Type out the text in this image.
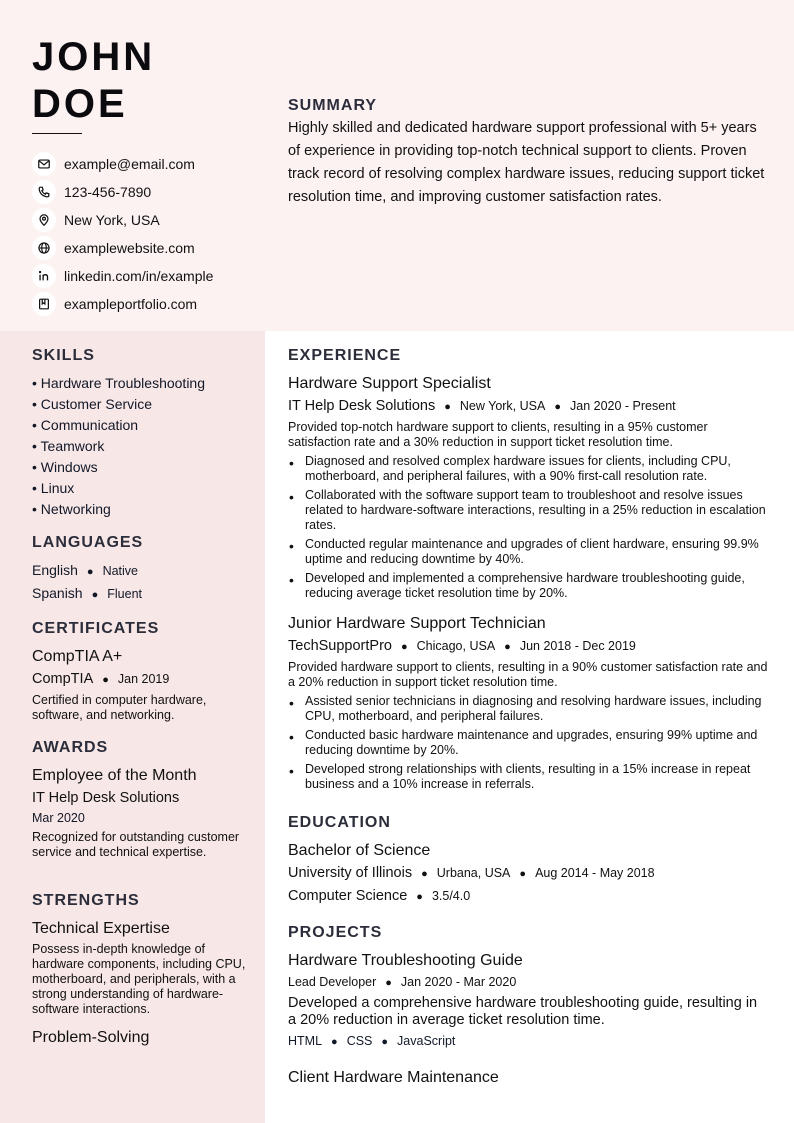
JOHN
DOE
example@email.com
123-456-7890
New York, USA
examplewebsite.com
linkedin.com/in/example
exampleportfolio.com
SUMMARY

Highly skilled and dedicated hardware support professional with 5+ years of experience in providing top-notch technical support to clients. Proven track record of resolving complex hardware issues, reducing support ticket resolution time, and improving customer satisfaction rates.

SKILLS
• Hardware Troubleshooting
• Customer Service
• Communication
• Teamwork
• Windows
• Linux
• Networking
LANGUAGES
English ● Native
Spanish ● Fluent
CERTIFICATES
CompTIA A+
CompTIA ● Jan 2019
Certified in computer hardware, software, and networking.
AWARDS
Employee of the Month
IT Help Desk Solutions
Mar 2020
Recognized for outstanding customer service and technical expertise.
STRENGTHS
Technical Expertise
Possess in-depth knowledge of hardware components, including CPU, motherboard, and peripherals, with a strong understanding of hardware-software interactions.
Problem-Solving
EXPERIENCE
Hardware Support Specialist
IT Help Desk Solutions ● New York, USA ● Jan 2020 - Present
Provided top-notch hardware support to clients, resulting in a 95% customer satisfaction rate and a 30% reduction in support ticket resolution time.
• Diagnosed and resolved complex hardware issues for clients, including CPU, motherboard, and peripheral failures, with a 90% first-call resolution rate.
• Collaborated with the software support team to troubleshoot and resolve issues related to hardware-software interactions, resulting in a 25% reduction in escalation rates.
• Conducted regular maintenance and upgrades of client hardware, ensuring 99.9% uptime and reducing downtime by 40%.
• Developed and implemented a comprehensive hardware troubleshooting guide, reducing average ticket resolution time by 20%.
Junior Hardware Support Technician
TechSupportPro ● Chicago, USA ● Jun 2018 - Dec 2019
Provided hardware support to clients, resulting in a 90% customer satisfaction rate and a 20% reduction in support ticket resolution time.
• Assisted senior technicians in diagnosing and resolving hardware issues, including CPU, motherboard, and peripheral failures.
• Conducted basic hardware maintenance and upgrades, ensuring 99% uptime and reducing downtime by 20%.
• Developed strong relationships with clients, resulting in a 15% increase in repeat business and a 10% increase in referrals.
EDUCATION
Bachelor of Science
University of Illinois ● Urbana, USA ● Aug 2014 - May 2018
Computer Science ● 3.5/4.0
PROJECTS
Hardware Troubleshooting Guide
Lead Developer ● Jan 2020 - Mar 2020
Developed a comprehensive hardware troubleshooting guide, resulting in a 20% reduction in average ticket resolution time.
HTML ● CSS ● JavaScript
Client Hardware Maintenance
